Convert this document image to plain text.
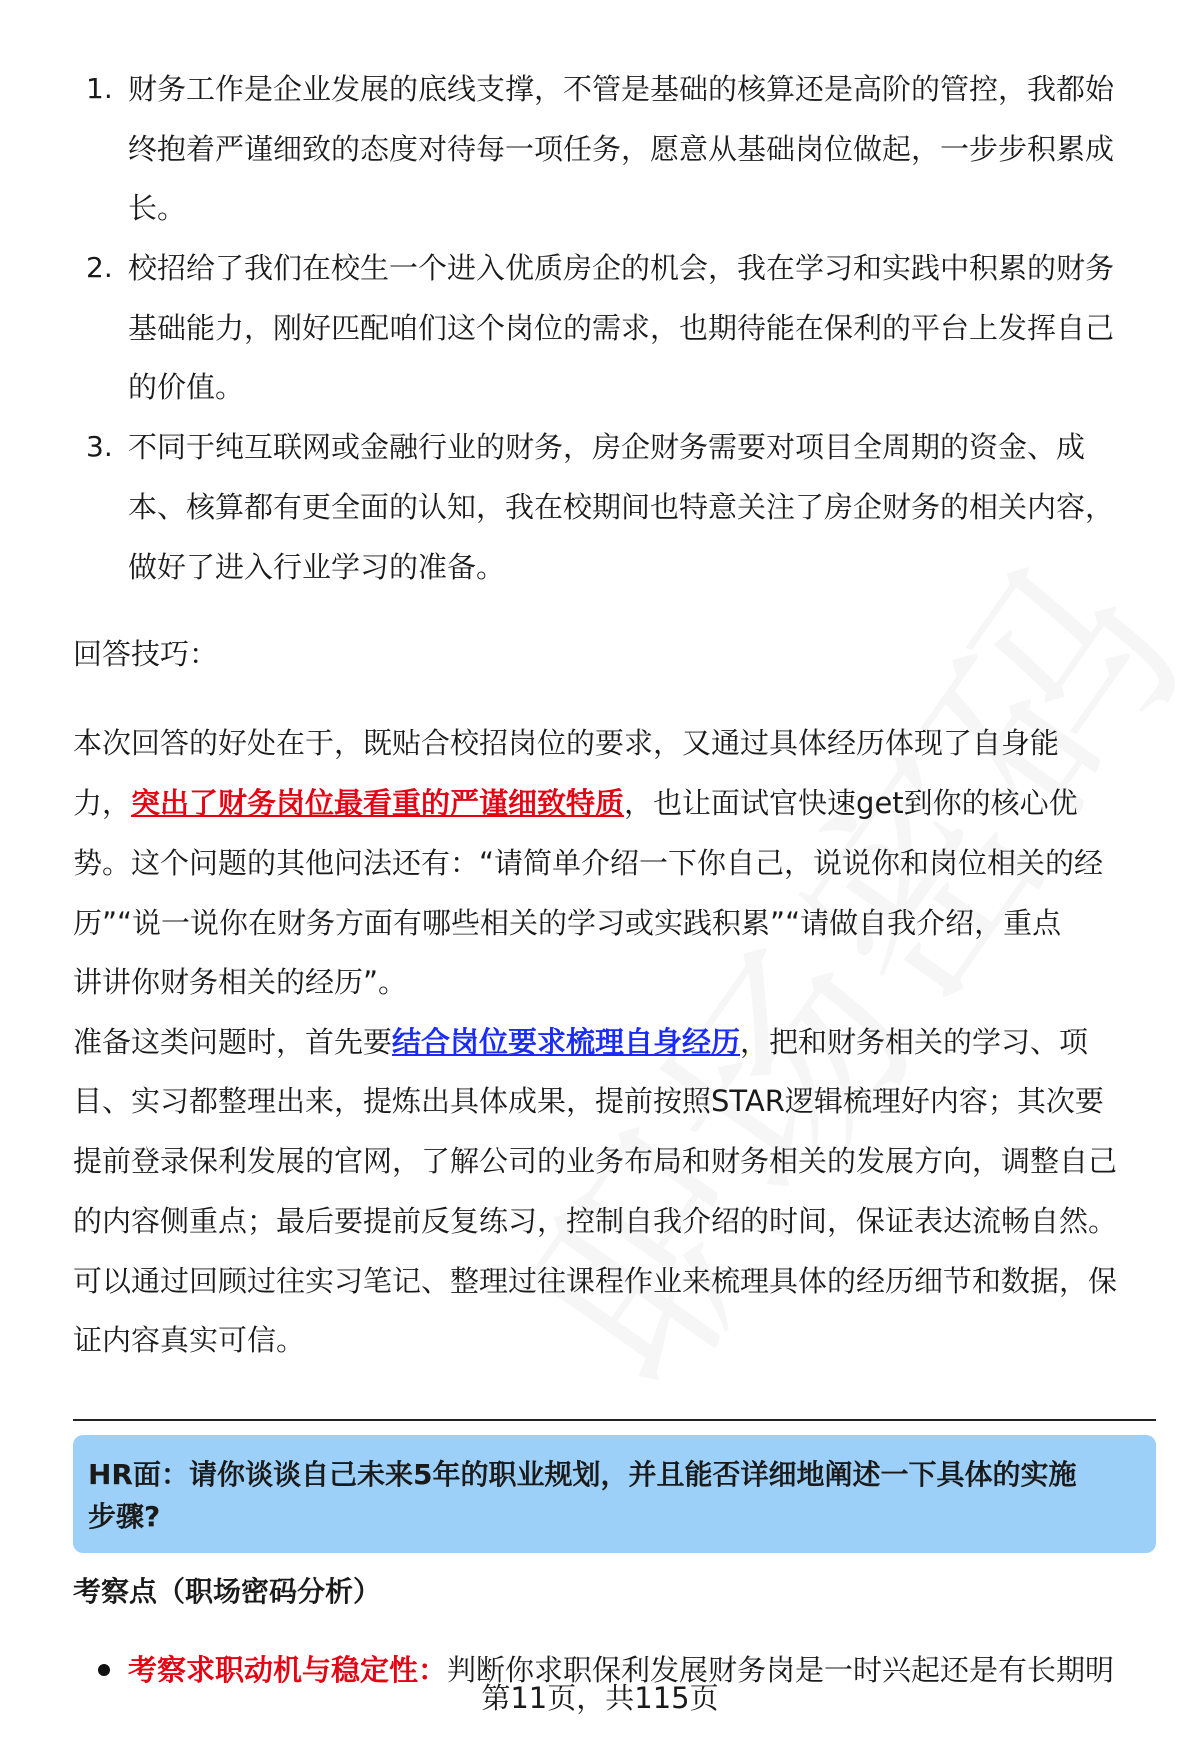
1. 财务工作是企业发展的底线支撑，不管是基础的核算还是高阶的管控，我都始
终抱着严谨细致的态度对待每一项任务，愿意从基础岗位做起，一步步积累成
长。
2. 校招给了我们在校生一个进入优质房企的机会，我在学习和实践中积累的财务
基础能力，刚好匹配咱们这个岗位的需求，也期待能在保利的平台上发挥自己
的价值。
3. 不同于纯互联网或金融行业的财务，房企财务需要对项目全周期的资金、成
本、核算都有更全面的认知，我在校期间也特意关注了房企财务的相关内容，
做好了进入行业学习的准备。
回答技巧：
本次回答的好处在于，既贴合校招岗位的要求，又通过具体经历体现了自身能
力，突出了财务岗位最看重的严谨细致特质，也让面试官快速get到你的核心优
势。这个问题的其他问法还有：“请简单介绍一下你自己，说说你和岗位相关的经
历”“说一说你在财务方面有哪些相关的学习或实践积累”“请做自我介绍，重点
讲讲你财务相关的经历”。
准备这类问题时，首先要结合岗位要求梳理自身经历，把和财务相关的学习、项
目、实习都整理出来，提炼出具体成果，提前按照STAR逻辑梳理好内容；其次要
提前登录保利发展的官网，了解公司的业务布局和财务相关的发展方向，调整自己
的内容侧重点；最后要提前反复练习，控制自我介绍的时间，保证表达流畅自然。
可以通过回顾过往实习笔记、整理过往课程作业来梳理具体的经历细节和数据，保
证内容真实可信。
HR面：请你谈谈自己未来5年的职业规划，并且能否详细地阐述一下具体的实施
步骤?
考察点（职场密码分析）
考察求职动机与稳定性：判断你求职保利发展财务岗是一时兴起还是有长期明
第11页，共115页
